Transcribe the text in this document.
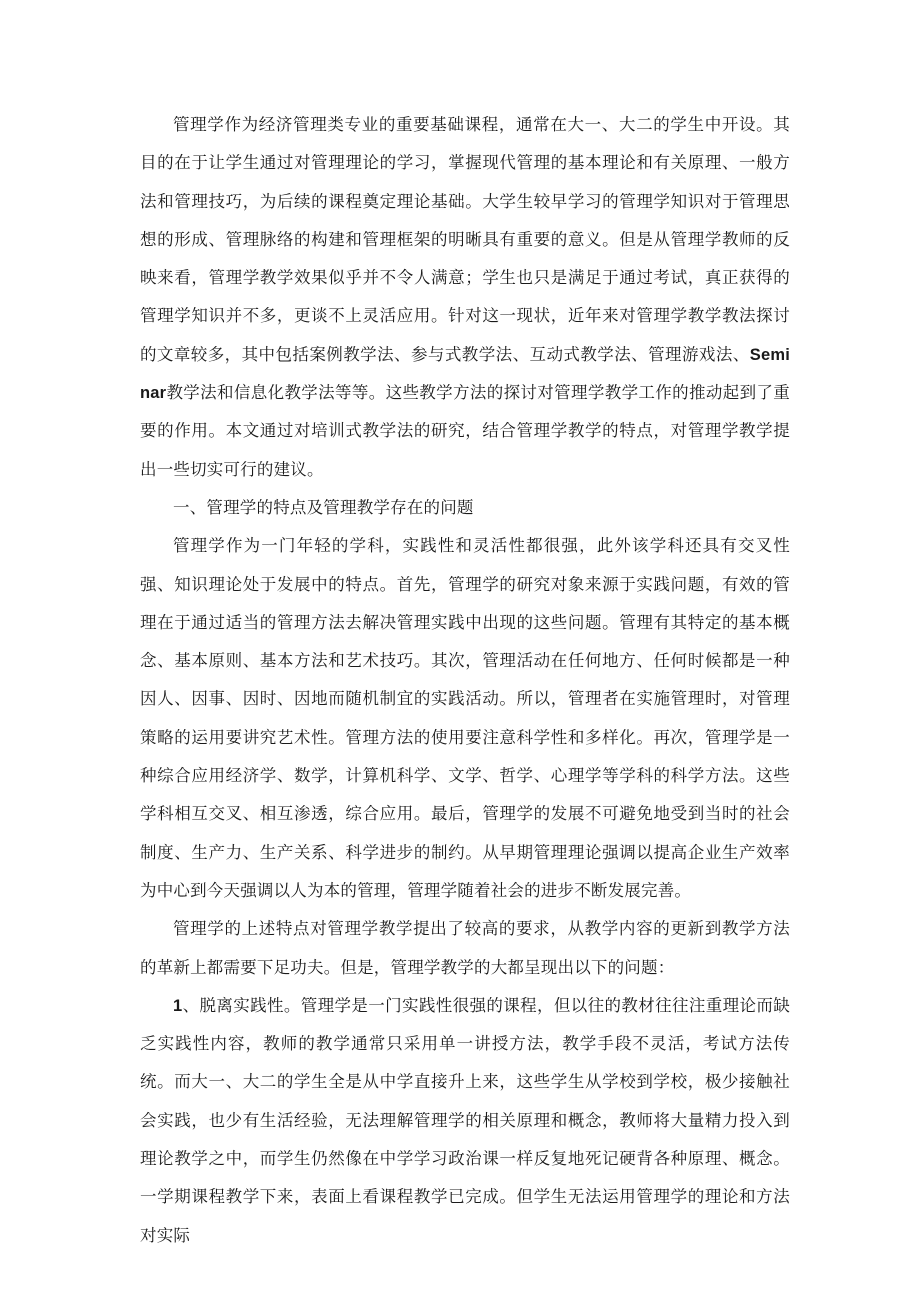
管理学作为经济管理类专业的重要基础课程，通常在大一、大二的学生中开设。其目的在于让学生通过对管理理论的学习，掌握现代管理的基本理论和有关原理、一般方法和管理技巧，为后续的课程奠定理论基础。大学生较早学习的管理学知识对于管理思想的形成、管理脉络的构建和管理框架的明晰具有重要的意义。但是从管理学教师的反映来看，管理学教学效果似乎并不令人满意；学生也只是满足于通过考试，真正获得的管理学知识并不多，更谈不上灵活应用。针对这一现状，近年来对管理学教学教法探讨的文章较多，其中包括案例教学法、参与式教学法、互动式教学法、管理游戏法、Seminar教学法和信息化教学法等等。这些教学方法的探讨对管理学教学工作的推动起到了重要的作用。本文通过对培训式教学法的研究，结合管理学教学的特点，对管理学教学提出一些切实可行的建议。

一、管理学的特点及管理教学存在的问题

管理学作为一门年轻的学科，实践性和灵活性都很强，此外该学科还具有交叉性强、知识理论处于发展中的特点。首先，管理学的研究对象来源于实践问题，有效的管理在于通过适当的管理方法去解决管理实践中出现的这些问题。管理有其特定的基本概念、基本原则、基本方法和艺术技巧。其次，管理活动在任何地方、任何时候都是一种因人、因事、因时、因地而随机制宜的实践活动。所以，管理者在实施管理时，对管理策略的运用要讲究艺术性。管理方法的使用要注意科学性和多样化。再次，管理学是一种综合应用经济学、数学，计算机科学、文学、哲学、心理学等学科的科学方法。这些学科相互交叉、相互渗透，综合应用。最后，管理学的发展不可避免地受到当时的社会制度、生产力、生产关系、科学进步的制约。从早期管理理论强调以提高企业生产效率为中心到今天强调以人为本的管理，管理学随着社会的进步不断发展完善。

管理学的上述特点对管理学教学提出了较高的要求，从教学内容的更新到教学方法的革新上都需要下足功夫。但是，管理学教学的大都呈现出以下的问题：

1、脱离实践性。管理学是一门实践性很强的课程，但以往的教材往往注重理论而缺乏实践性内容，教师的教学通常只采用单一讲授方法，教学手段不灵活，考试方法传统。而大一、大二的学生全是从中学直接升上来，这些学生从学校到学校，极少接触社会实践，也少有生活经验，无法理解管理学的相关原理和概念，教师将大量精力投入到理论教学之中，而学生仍然像在中学学习政治课一样反复地死记硬背各种原理、概念。一学期课程教学下来，表面上看课程教学已完成。但学生无法运用管理学的理论和方法对实际
